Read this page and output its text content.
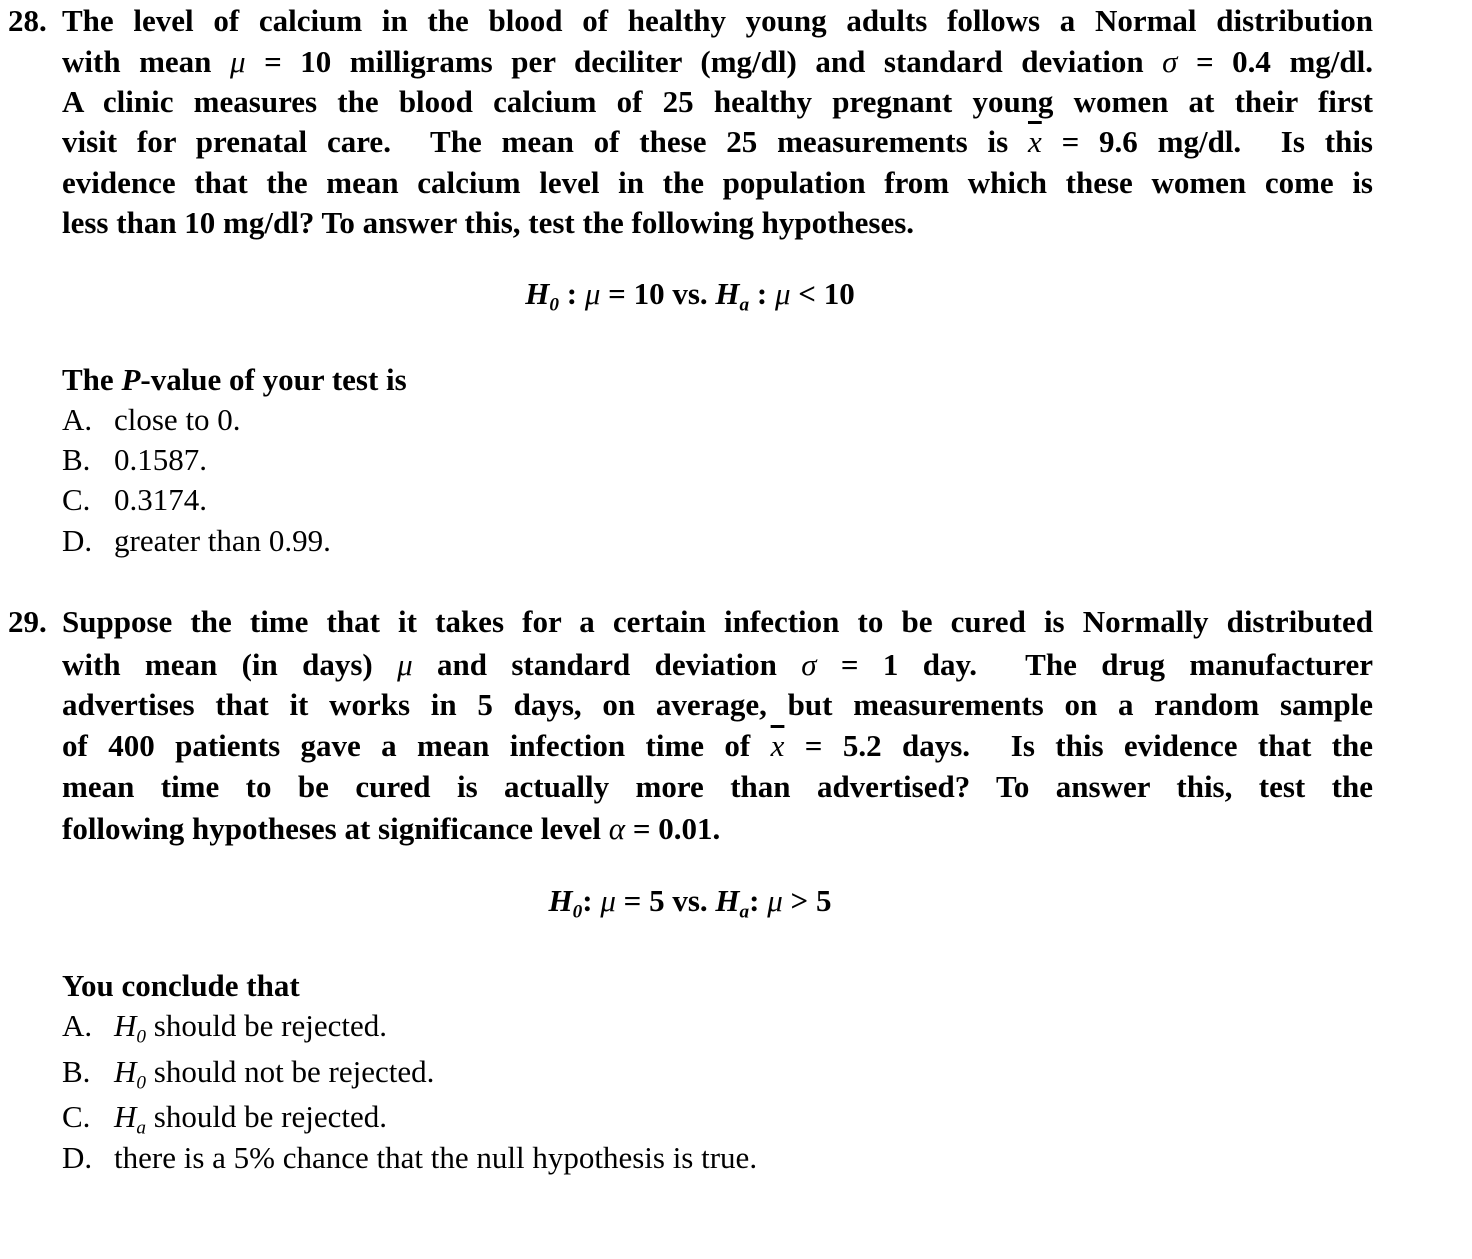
28. The level of calcium in the blood of healthy young adults follows a Normal distribution
with mean μ = 10 milligrams per deciliter (mg/dl) and standard deviation σ = 0.4 mg/dl.
A clinic measures the blood calcium of 25 healthy pregnant young women at their first
visit for prenatal care.  The mean of these 25 measurements is $\overline{x} = 9.6$ mg/dl.  Is this
evidence that the mean calcium level in the population from which these women come is
less than 10 mg/dl? To answer this, test the following hypotheses.
$H_0$ : μ = 10 vs. $H_a$ : μ < 10
The P-value of your test is
A. close to 0.
B. 0.1587.
C. 0.3174.
D. greater than 0.99.
29. Suppose the time that it takes for a certain infection to be cured is Normally distributed
with mean (in days) μ and standard deviation σ = 1 day.  The drug manufacturer
advertises that it works in 5 days, on average, but measurements on a random sample
of 400 patients gave a mean infection time of $\overline{x} = 5.2$ days.  Is this evidence that the
mean time to be cured is actually more than advertised? To answer this, test the
following hypotheses at significance level α = 0.01.
$H_0$: μ = 5 vs. $H_a$: μ > 5
You conclude that
A. $H_0$ should be rejected.
B. $H_0$ should not be rejected.
C. $H_a$ should be rejected.
D. there is a 5% chance that the null hypothesis is true.
